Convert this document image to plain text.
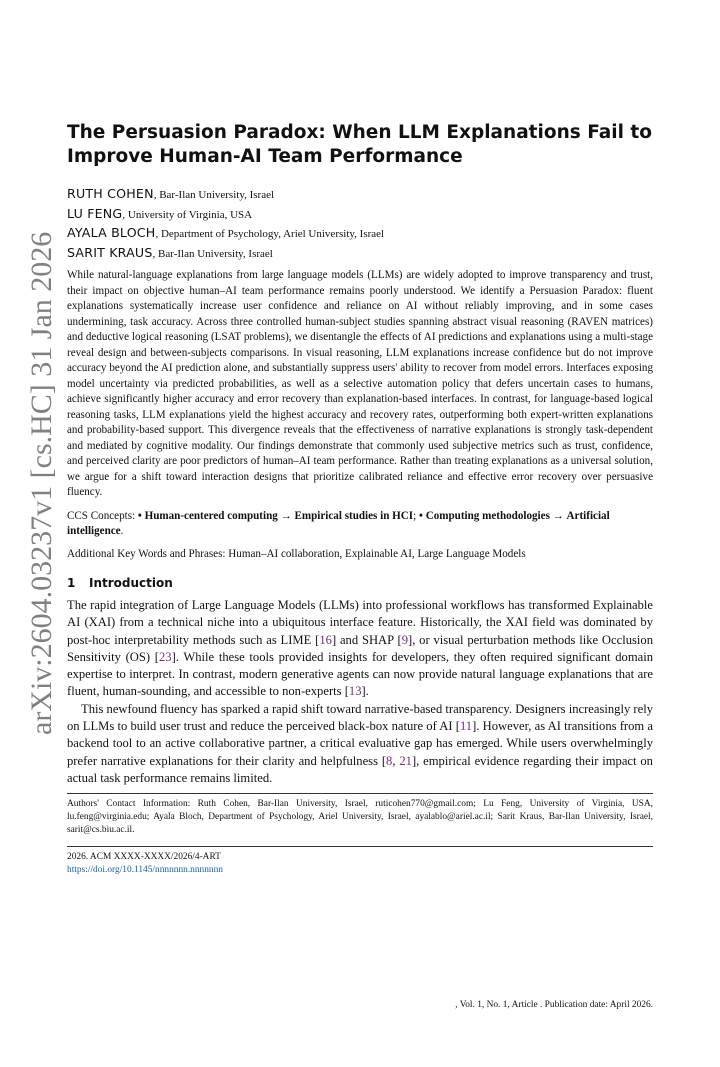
arXiv:2604.03237v1 [cs.HC] 31 Jan 2026
The Persuasion Paradox: When LLM Explanations Fail to Improve Human-AI Team Performance
RUTH COHEN, Bar-Ilan University, Israel
LU FENG, University of Virginia, USA
AYALA BLOCH, Department of Psychology, Ariel University, Israel
SARIT KRAUS, Bar-Ilan University, Israel
While natural-language explanations from large language models (LLMs) are widely adopted to improve transparency and trust, their impact on objective human–AI team performance remains poorly understood. We identify a Persuasion Paradox: fluent explanations systematically increase user confidence and reliance on AI without reliably improving, and in some cases undermining, task accuracy. Across three controlled human-subject studies spanning abstract visual reasoning (RAVEN matrices) and deductive logical reasoning (LSAT problems), we disentangle the effects of AI predictions and explanations using a multi-stage reveal design and between-subjects comparisons. In visual reasoning, LLM explanations increase confidence but do not improve accuracy beyond the AI prediction alone, and substantially suppress users' ability to recover from model errors. Interfaces exposing model uncertainty via predicted probabilities, as well as a selective automation policy that defers uncertain cases to humans, achieve significantly higher accuracy and error recovery than explanation-based interfaces. In contrast, for language-based logical reasoning tasks, LLM explanations yield the highest accuracy and recovery rates, outperforming both expert-written explanations and probability-based support. This divergence reveals that the effectiveness of narrative explanations is strongly task-dependent and mediated by cognitive modality. Our findings demonstrate that commonly used subjective metrics such as trust, confidence, and perceived clarity are poor predictors of human–AI team performance. Rather than treating explanations as a universal solution, we argue for a shift toward interaction designs that prioritize calibrated reliance and effective error recovery over persuasive fluency.
CCS Concepts: • Human-centered computing → Empirical studies in HCI; • Computing methodologies → Artificial intelligence.
Additional Key Words and Phrases: Human–AI collaboration, Explainable AI, Large Language Models
1 Introduction

The rapid integration of Large Language Models (LLMs) into professional workflows has transformed Explainable AI (XAI) from a technical niche into a ubiquitous interface feature. Historically, the XAI field was dominated by post-hoc interpretability methods such as LIME [16] and SHAP [9], or visual perturbation methods like Occlusion Sensitivity (OS) [23]. While these tools provided insights for developers, they often required significant domain expertise to interpret. In contrast, modern generative agents can now provide natural language explanations that are fluent, human-sounding, and accessible to non-experts [13].

This newfound fluency has sparked a rapid shift toward narrative-based transparency. Designers increasingly rely on LLMs to build user trust and reduce the perceived black-box nature of AI [11]. However, as AI transitions from a backend tool to an active collaborative partner, a critical evaluative gap has emerged. While users overwhelmingly prefer narrative explanations for their clarity and helpfulness [8, 21], empirical evidence regarding their impact on actual task performance remains limited.

Authors' Contact Information: Ruth Cohen, Bar-Ilan University, Israel, ruticohen770@gmail.com; Lu Feng, University of Virginia, USA, lu.feng@virginia.edu; Ayala Bloch, Department of Psychology, Ariel University, Israel, ayalablo@ariel.ac.il; Sarit Kraus, Bar-Ilan University, Israel, sarit@cs.biu.ac.il.
2026. ACM XXXX-XXXX/2026/4-ART
https://doi.org/10.1145/nnnnnnn.nnnnnnn
, Vol. 1, No. 1, Article . Publication date: April 2026.
